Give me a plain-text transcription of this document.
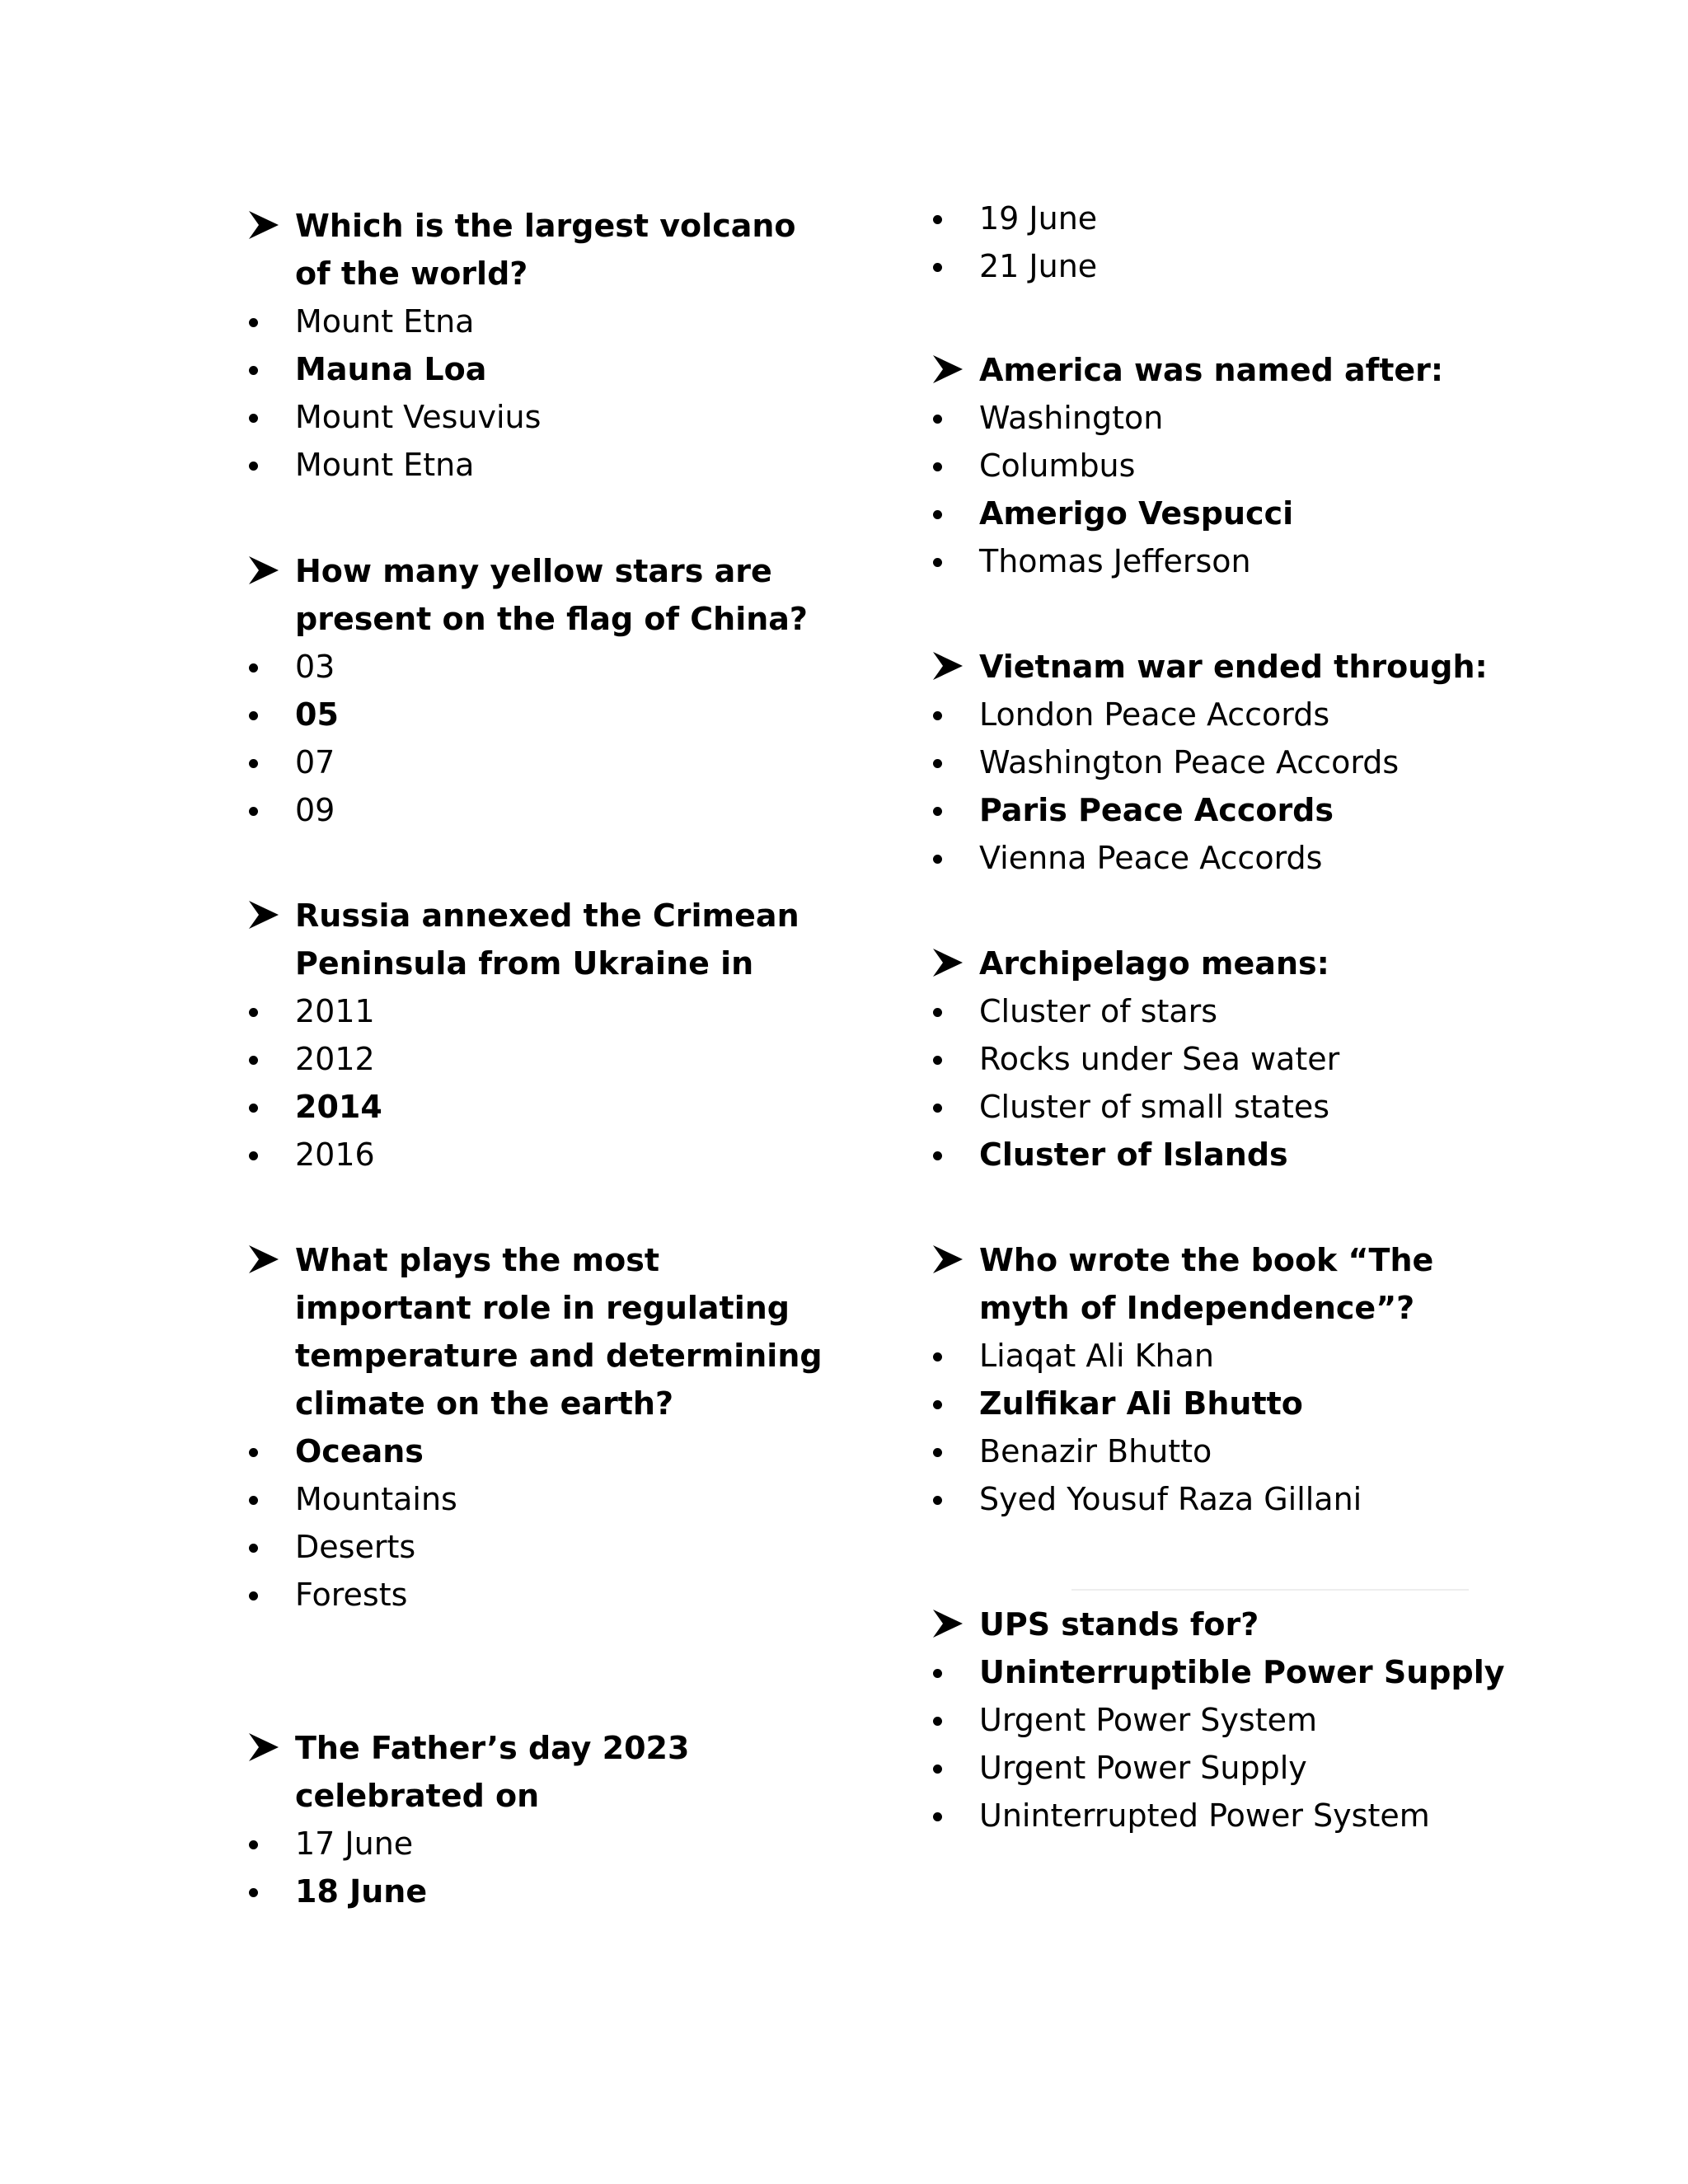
Which is the largest volcano of the world?
Mount Etna
Mauna Loa
Mount Vesuvius
Mount Etna
How many yellow stars are present on the flag of China?
03
05
07
09
Russia annexed the Crimean Peninsula from Ukraine in
2011
2012
2014
2016
What plays the most important role in regulating temperature and determining climate on the earth?
Oceans
Mountains
Deserts
Forests
The Father’s day 2023 celebrated on
17 June
18 June
19 June
21 June
America was named after:
Washington
Columbus
Amerigo Vespucci
Thomas Jefferson
Vietnam war ended through:
London Peace Accords
Washington Peace Accords
Paris Peace Accords
Vienna Peace Accords
Archipelago means:
Cluster of stars
Rocks under Sea water
Cluster of small states
Cluster of Islands
Who wrote the book “The myth of Independence”?
Liaqat Ali Khan
Zulfikar Ali Bhutto
Benazir Bhutto
Syed Yousuf Raza Gillani
UPS stands for?
Uninterruptible Power Supply
Urgent Power System
Urgent Power Supply
Uninterrupted Power System
